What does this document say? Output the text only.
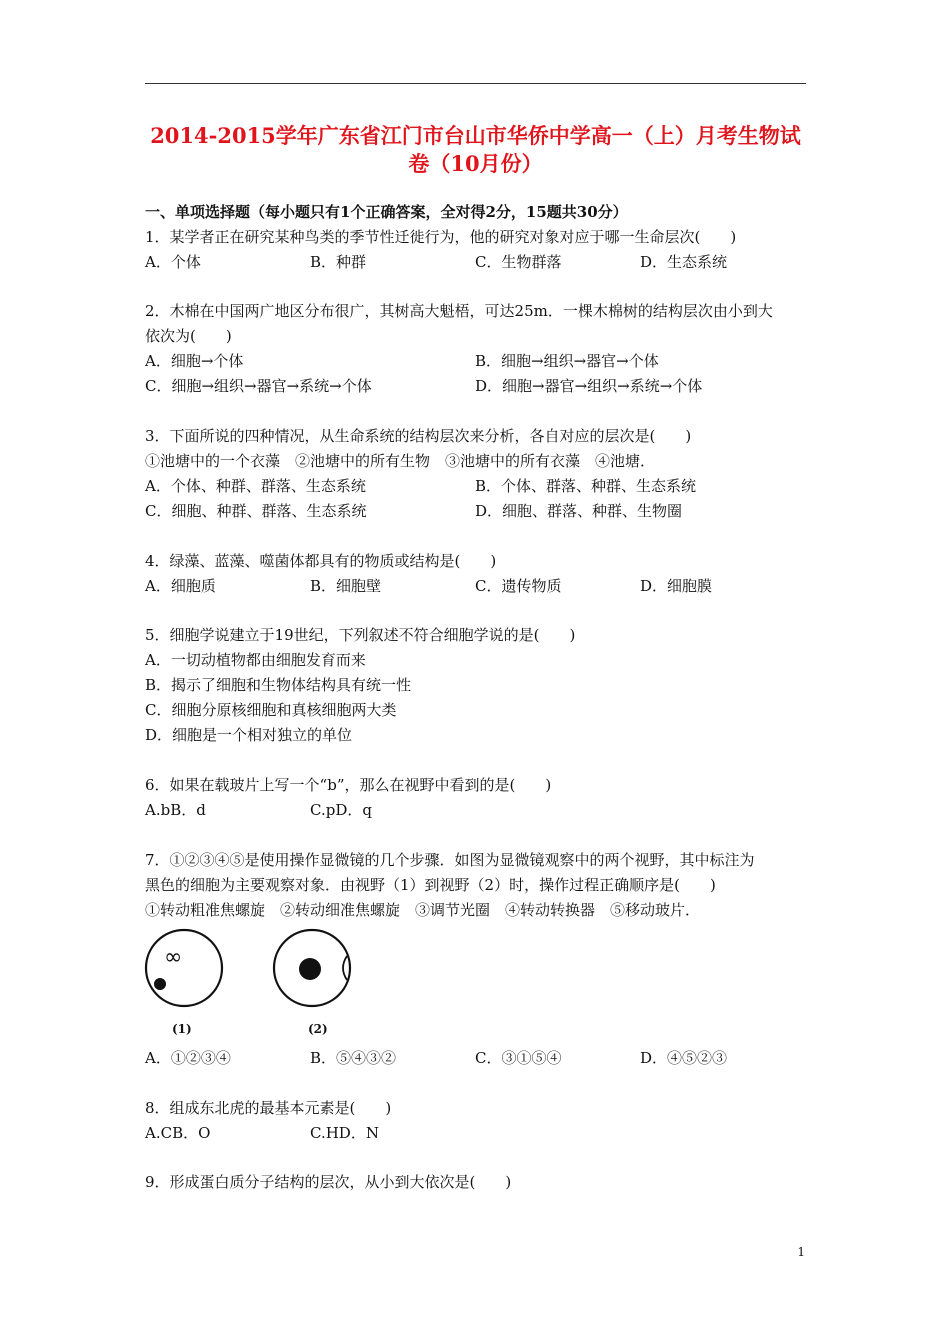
2014-2015学年广东省江门市台山市华侨中学高一（上）月考生物试卷（10月份）
一、单项选择题（每小题只有1个正确答案，全对得2分，15题共30分）
1．某学者正在研究某种鸟类的季节性迁徙行为，他的研究对象对应于哪一生命层次(　　)
A．个体	B．种群	C．生物群落	D．生态系统
2．木棉在中国两广地区分布很广，其树高大魁梧，可达25m．一棵木棉树的结构层次由小到大
依次为(　　)
A．细胞→个体	B．细胞→组织→器官→个体
C．细胞→组织→器官→系统→个体	D．细胞→器官→组织→系统→个体
3．下面所说的四种情况，从生命系统的结构层次来分析，各自对应的层次是(　　)
①池塘中的一个衣藻　②池塘中的所有生物　③池塘中的所有衣藻　④池塘．
A．个体、种群、群落、生态系统	B．个体、群落、种群、生态系统
C．细胞、种群、群落、生态系统	D．细胞、群落、种群、生物圈
4．绿藻、蓝藻、噬菌体都具有的物质或结构是(　　)
A．细胞质	B．细胞壁	C．遗传物质	D．细胞膜
5．细胞学说建立于19世纪，下列叙述不符合细胞学说的是(　　)
A．一切动植物都由细胞发育而来
B．揭示了细胞和生物体结构具有统一性
C．细胞分原核细胞和真核细胞两大类
D．细胞是一个相对独立的单位
6．如果在载玻片上写一个“b”，那么在视野中看到的是(　　)
A.bB．d	C.pD．q
7．①②③④⑤是使用操作显微镜的几个步骤．如图为显微镜观察中的两个视野，其中标注为
黑色的细胞为主要观察对象．由视野（1）到视野（2）时，操作过程正确顺序是(　　)
①转动粗准焦螺旋　②转动细准焦螺旋　③调节光圈　④转动转换器　⑤移动玻片．
∞
(1)	(2)
A．①②③④	B．⑤④③②	C．③①⑤④	D．④⑤②③
8．组成东北虎的最基本元素是(　　)
A.CB．O	C.HD．N
9．形成蛋白质分子结构的层次，从小到大依次是(　　)
1
